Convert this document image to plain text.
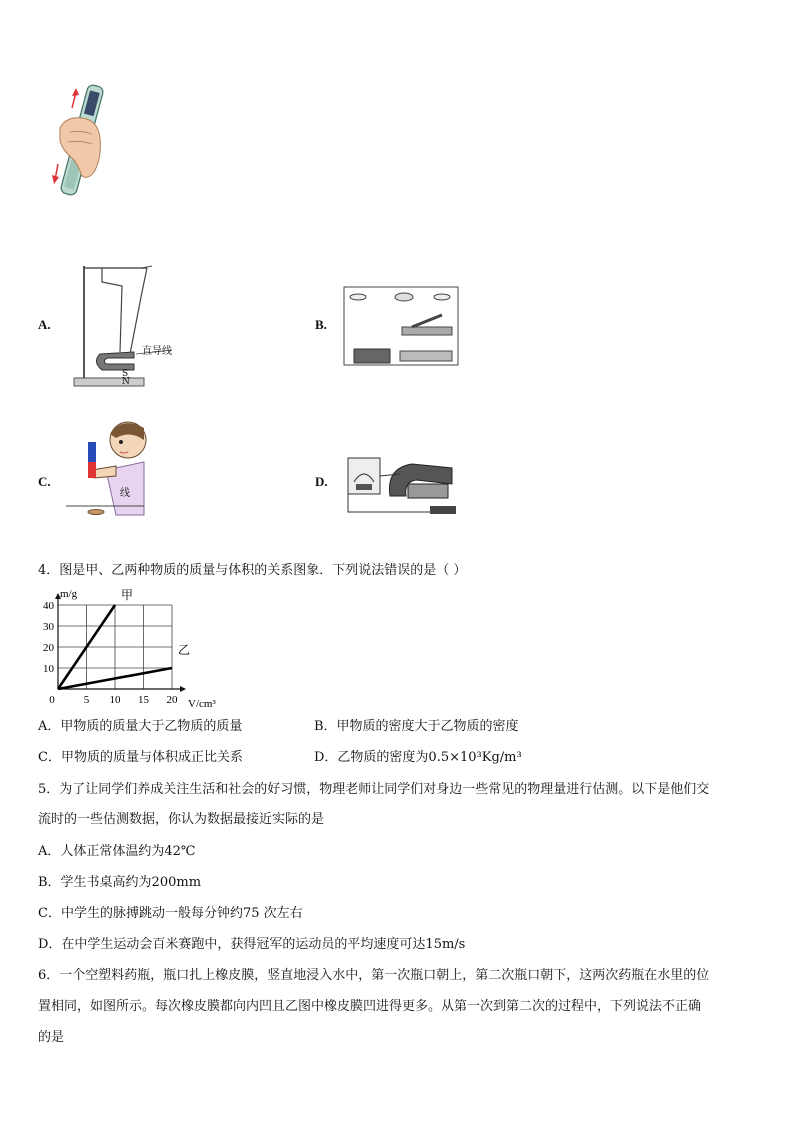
A.
直导线
S
N
B.
C.
线
D.
4．图是甲、乙两种物质的质量与体积的关系图象．下列说法错误的是（ ）
0	5 10 15 20
10
20
30
40
m/g
V/cm³
甲
乙
A．甲物质的质量大于乙物质的质量	B．甲物质的密度大于乙物质的密度
C．甲物质的质量与体积成正比关系	D．乙物质的密度为0.5×10³Kg/m³
5．为了让同学们养成关注生活和社会的好习惯，物理老师让同学们对身边一些常见的物理量进行估测。以下是他们交
流时的一些估测数据，你认为数据最接近实际的是
A．人体正常体温约为42℃
B．学生书桌高约为200mm
C．中学生的脉搏跳动一般每分钟约75 次左右
D．在中学生运动会百米赛跑中，获得冠军的运动员的平均速度可达15m/s
6．一个空塑料药瓶，瓶口扎上橡皮膜，竖直地浸入水中，第一次瓶口朝上，第二次瓶口朝下，这两次药瓶在水里的位
置相同，如图所示。每次橡皮膜都向内凹且乙图中橡皮膜凹进得更多。从第一次到第二次的过程中，下列说法不正确
的是
